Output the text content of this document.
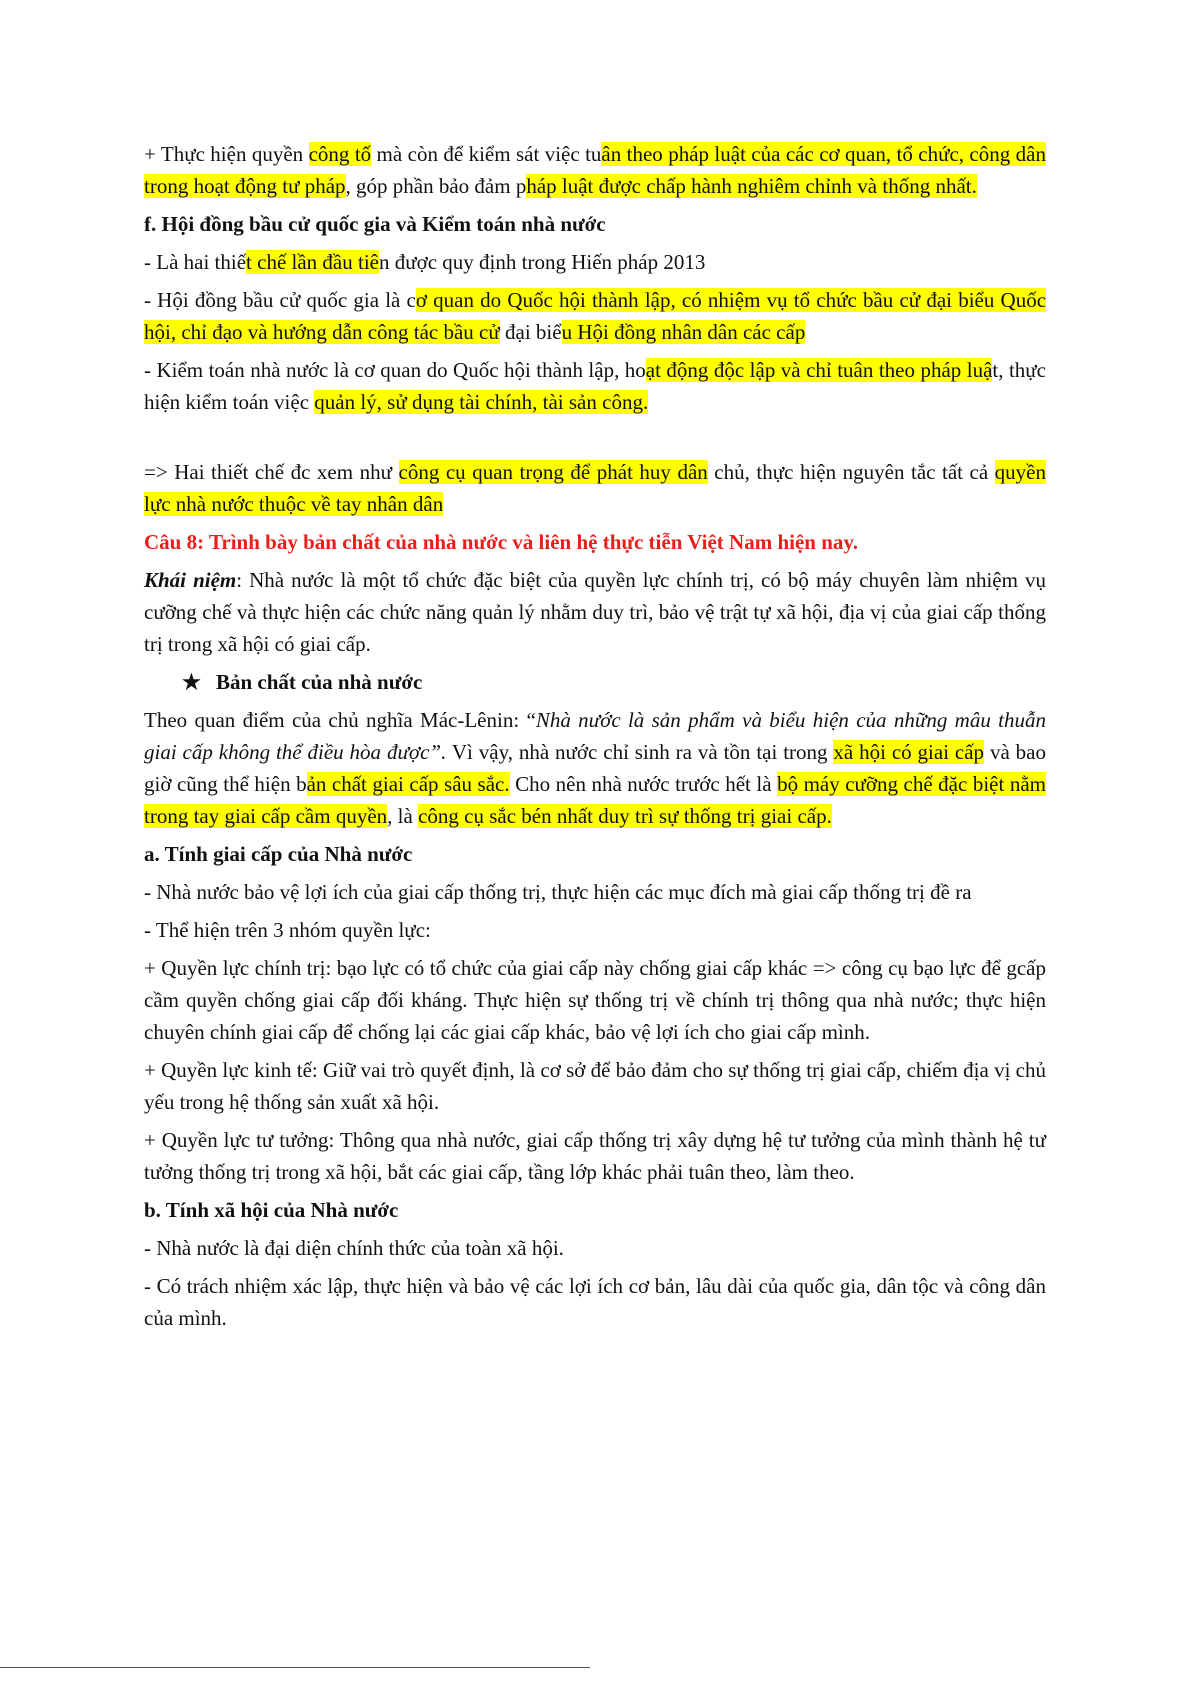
+ Thực hiện quyền công tố mà còn để kiểm sát việc tuân theo pháp luật của các cơ quan, tổ chức, công dân trong hoạt động tư pháp, góp phần bảo đảm pháp luật được chấp hành nghiêm chỉnh và thống nhất.

f. Hội đồng bầu cử quốc gia và Kiểm toán nhà nước

- Là hai thiết chế lần đầu tiên được quy định trong Hiến pháp 2013

- Hội đồng bầu cử quốc gia là cơ quan do Quốc hội thành lập, có nhiệm vụ tổ chức bầu cử đại biểu Quốc hội, chỉ đạo và hướng dẫn công tác bầu cử đại biểu Hội đồng nhân dân các cấp

- Kiểm toán nhà nước là cơ quan do Quốc hội thành lập, hoạt động độc lập và chỉ tuân theo pháp luật, thực hiện kiểm toán việc quản lý, sử dụng tài chính, tài sản công.

=> Hai thiết chế đc xem như công cụ quan trọng để phát huy dân chủ, thực hiện nguyên tắc tất cả quyền lực nhà nước thuộc về tay nhân dân

Câu 8: Trình bày bản chất của nhà nước và liên hệ thực tiễn Việt Nam hiện nay.

Khái niệm: Nhà nước là một tổ chức đặc biệt của quyền lực chính trị, có bộ máy chuyên làm nhiệm vụ cưỡng chế và thực hiện các chức năng quản lý nhằm duy trì, bảo vệ trật tự xã hội, địa vị của giai cấp thống trị trong xã hội có giai cấp.

★ Bản chất của nhà nước

Theo quan điểm của chủ nghĩa Mác-Lênin: “Nhà nước là sản phẩm và biểu hiện của những mâu thuẫn giai cấp không thể điều hòa được”. Vì vậy, nhà nước chỉ sinh ra và tồn tại trong xã hội có giai cấp và bao giờ cũng thể hiện bản chất giai cấp sâu sắc. Cho nên nhà nước trước hết là bộ máy cưỡng chế đặc biệt nằm trong tay giai cấp cầm quyền, là công cụ sắc bén nhất duy trì sự thống trị giai cấp.

a. Tính giai cấp của Nhà nước

- Nhà nước bảo vệ lợi ích của giai cấp thống trị, thực hiện các mục đích mà giai cấp thống trị đề ra

- Thể hiện trên 3 nhóm quyền lực:

+ Quyền lực chính trị: bạo lực có tổ chức của giai cấp này chống giai cấp khác => công cụ bạo lực để gcấp cầm quyền chống giai cấp đối kháng. Thực hiện sự thống trị về chính trị thông qua nhà nước; thực hiện chuyên chính giai cấp để chống lại các giai cấp khác, bảo vệ lợi ích cho giai cấp mình.

+ Quyền lực kinh tế: Giữ vai trò quyết định, là cơ sở để bảo đảm cho sự thống trị giai cấp, chiếm địa vị chủ yếu trong hệ thống sản xuất xã hội.

+ Quyền lực tư tưởng: Thông qua nhà nước, giai cấp thống trị xây dựng hệ tư tưởng của mình thành hệ tư tưởng thống trị trong xã hội, bắt các giai cấp, tầng lớp khác phải tuân theo, làm theo.

b. Tính xã hội của Nhà nước

- Nhà nước là đại diện chính thức của toàn xã hội.

- Có trách nhiệm xác lập, thực hiện và bảo vệ các lợi ích cơ bản, lâu dài của quốc gia, dân tộc và công dân của mình.
